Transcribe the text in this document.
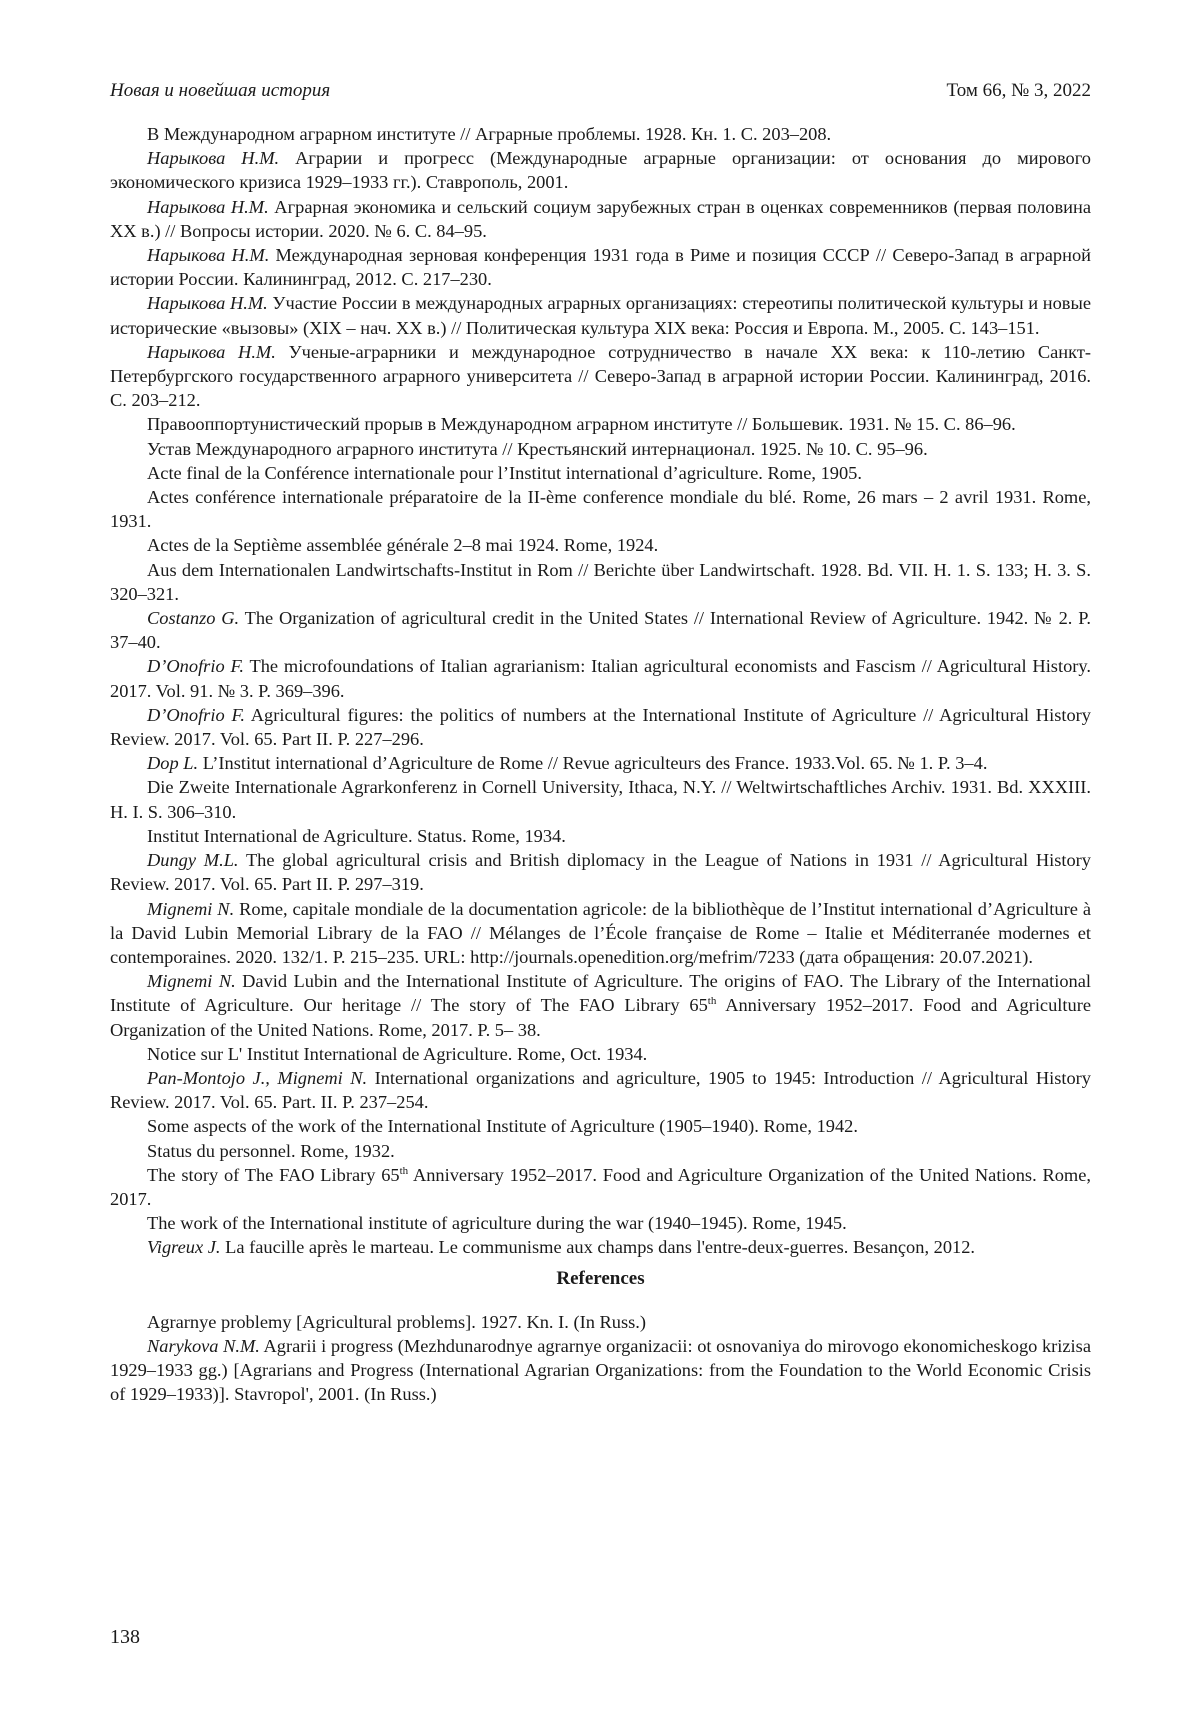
Новая и новейшая история	Том 66, № 3, 2022

В Международном аграрном институте // Аграрные проблемы. 1928. Кн. 1. С. 203–208.

Нарыкова Н.М. Аграрии и прогресс (Международные аграрные организации: от основания до мирового экономического кризиса 1929–1933 гг.). Ставрополь, 2001.

Нарыкова Н.М. Аграрная экономика и сельский социум зарубежных стран в оценках современников (первая половина XX в.) // Вопросы истории. 2020. № 6. С. 84–95.

Нарыкова Н.М. Международная зерновая конференция 1931 года в Риме и позиция СССР // Северо-Запад в аграрной истории России. Калининград, 2012. С. 217–230.

Нарыкова Н.М. Участие России в международных аграрных организациях: стереотипы политической культуры и новые исторические «вызовы» (XIX – нач. XX в.) // Политическая культура XIX века: Россия и Европа. М., 2005. С. 143–151.

Нарыкова Н.М. Ученые-аграрники и международное сотрудничество в начале XX века: к 110-летию Санкт-Петербургского государственного аграрного университета // Северо-Запад в аграрной истории России. Калининград, 2016. С. 203–212.

Правооппортунистический прорыв в Международном аграрном институте // Большевик. 1931. № 15. С. 86–96.

Устав Международного аграрного института // Крестьянский интернационал. 1925. № 10. С. 95–96.

Acte final de la Conférence internationale pour l’Institut international d’agriculture. Rome, 1905.

Actes conférence internationale préparatoire de la II-ème conference mondiale du blé. Rome, 26 mars – 2 avril 1931. Rome, 1931.

Actes de la Septième assemblée générale 2–8 mai 1924. Rome, 1924.

Aus dem Internationalen Landwirtschafts-Institut in Rom // Berichte über Landwirtschaft. 1928. Bd. VII. H. 1. S. 133; H. 3. S. 320–321.

Costanzo G. The Organization of agricultural credit in the United States // International Review of Agriculture. 1942. № 2. P. 37–40.

D’Onofrio F. The microfoundations of Italian agrarianism: Italian agricultural economists and Fascism // Agricultural History. 2017. Vol. 91. № 3. P. 369–396.

D’Onofrio F. Agricultural figures: the politics of numbers at the International Institute of Agriculture // Agricultural History Review. 2017. Vol. 65. Part II. P. 227–296.

Dop L. L’Institut international d’Agriculture de Rome // Revue agriculteurs des France. 1933.Vol. 65. № 1. P. 3–4.

Die Zweite Internationale Agrarkonferenz in Cornell University, Ithaca, N.Y. // Weltwirtschaftliches Archiv. 1931. Bd. XXXIII. H. I. S. 306–310.

Institut International de Agriculture. Status. Rome, 1934.

Dungy M.L. The global agricultural crisis and British diplomacy in the League of Nations in 1931 // Agricultural History Review. 2017. Vol. 65. Part II. P. 297–319.

Mignemi N. Rome, capitale mondiale de la documentation agricole: de la bibliothèque de l’Institut international d’Agriculture à la David Lubin Memorial Library de la FAO // Mélanges de l’École française de Rome – Italie et Méditerranée modernes et contemporaines. 2020. 132/1. P. 215–235. URL: http://journals.openedition.org/mefrim/7233 (дата обращения: 20.07.2021).

Mignemi N. David Lubin and the International Institute of Agriculture. The origins of FAO. The Library of the International Institute of Agriculture. Our heritage // The story of The FAO Library 65th Anniversary 1952–2017. Food and Agriculture Organization of the United Nations. Rome, 2017. P. 5– 38.

Notice sur L' Institut International de Agriculture. Rome, Oct. 1934.

Pan-Montojo J., Mignemi N. International organizations and agriculture, 1905 to 1945: Introduction // Agricultural History Review. 2017. Vol. 65. Part. II. P. 237–254.

Some aspects of the work of the International Institute of Agriculture (1905–1940). Rome, 1942.

Status du personnel. Rome, 1932.

The story of The FAO Library 65th Anniversary 1952–2017. Food and Agriculture Organization of the United Nations. Rome, 2017.

The work of the International institute of agriculture during the war (1940–1945). Rome, 1945.

Vigreux J. La faucille après le marteau. Le communisme aux champs dans l'entre-deux-guerres. Besançon, 2012.

References

Agrarnye problemy [Agricultural problems]. 1927. Kn. I. (In Russ.)

Narykova N.M. Agrarii i progress (Mezhdunarodnye agrarnye organizacii: ot osnovaniya do mirovogo ekonomicheskogo krizisa 1929–1933 gg.) [Agrarians and Progress (International Agrarian Organizations: from the Foundation to the World Economic Crisis of 1929–1933)]. Stavropol', 2001. (In Russ.)

138
